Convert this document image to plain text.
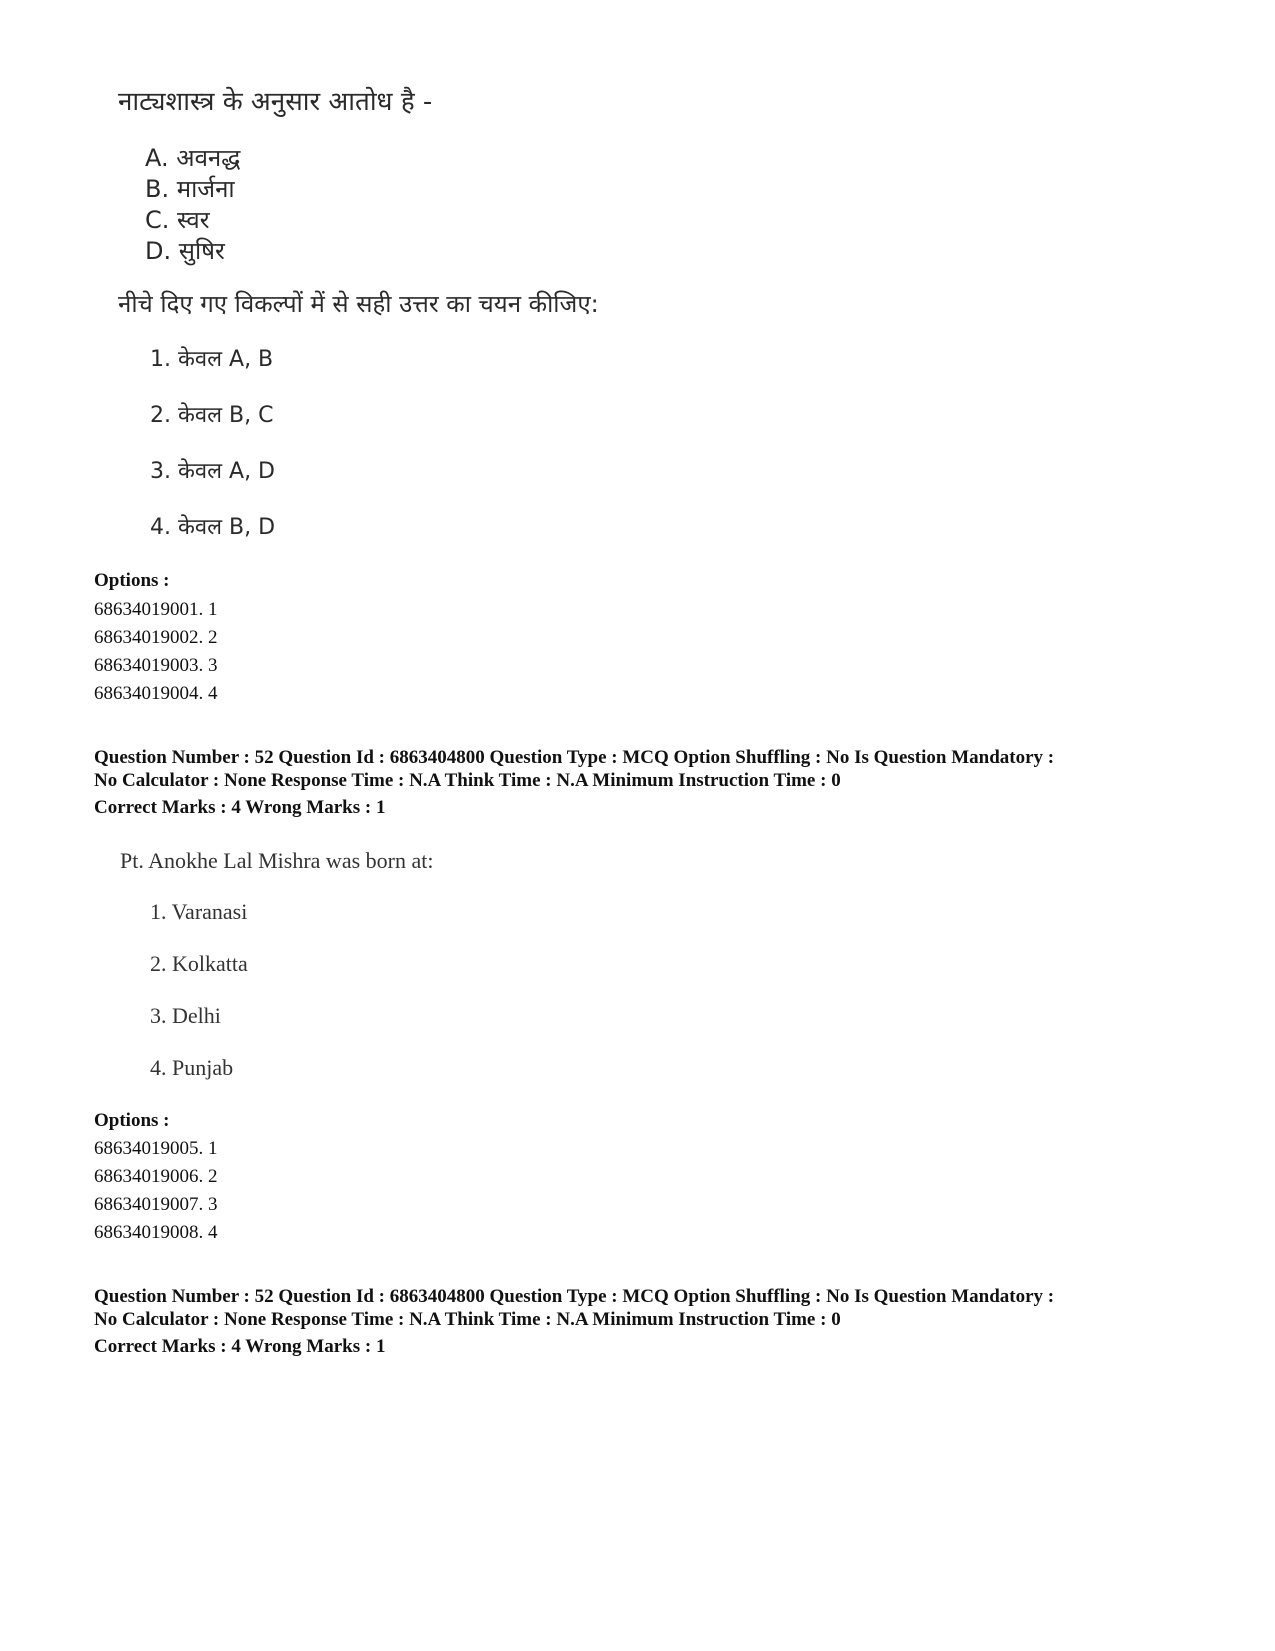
नाट्यशास्त्र के अनुसार आतोध है -
A. अवनद्ध
B. मार्जना
C. स्वर
D. सुषिर
नीचे दिए गए विकल्पों में से सही उत्तर का चयन कीजिए:
1. केवल A, B
2. केवल B, C
3. केवल A, D
4. केवल B, D
Options :
68634019001. 1
68634019002. 2
68634019003. 3
68634019004. 4
Question Number : 52 Question Id : 6863404800 Question Type : MCQ Option Shuffling : No Is Question Mandatory :
No Calculator : None Response Time : N.A Think Time : N.A Minimum Instruction Time : 0
Correct Marks : 4 Wrong Marks : 1
Pt. Anokhe Lal Mishra was born at:
1. Varanasi
2. Kolkatta
3. Delhi
4. Punjab
Options :
68634019005. 1
68634019006. 2
68634019007. 3
68634019008. 4
Question Number : 52 Question Id : 6863404800 Question Type : MCQ Option Shuffling : No Is Question Mandatory :
No Calculator : None Response Time : N.A Think Time : N.A Minimum Instruction Time : 0
Correct Marks : 4 Wrong Marks : 1
